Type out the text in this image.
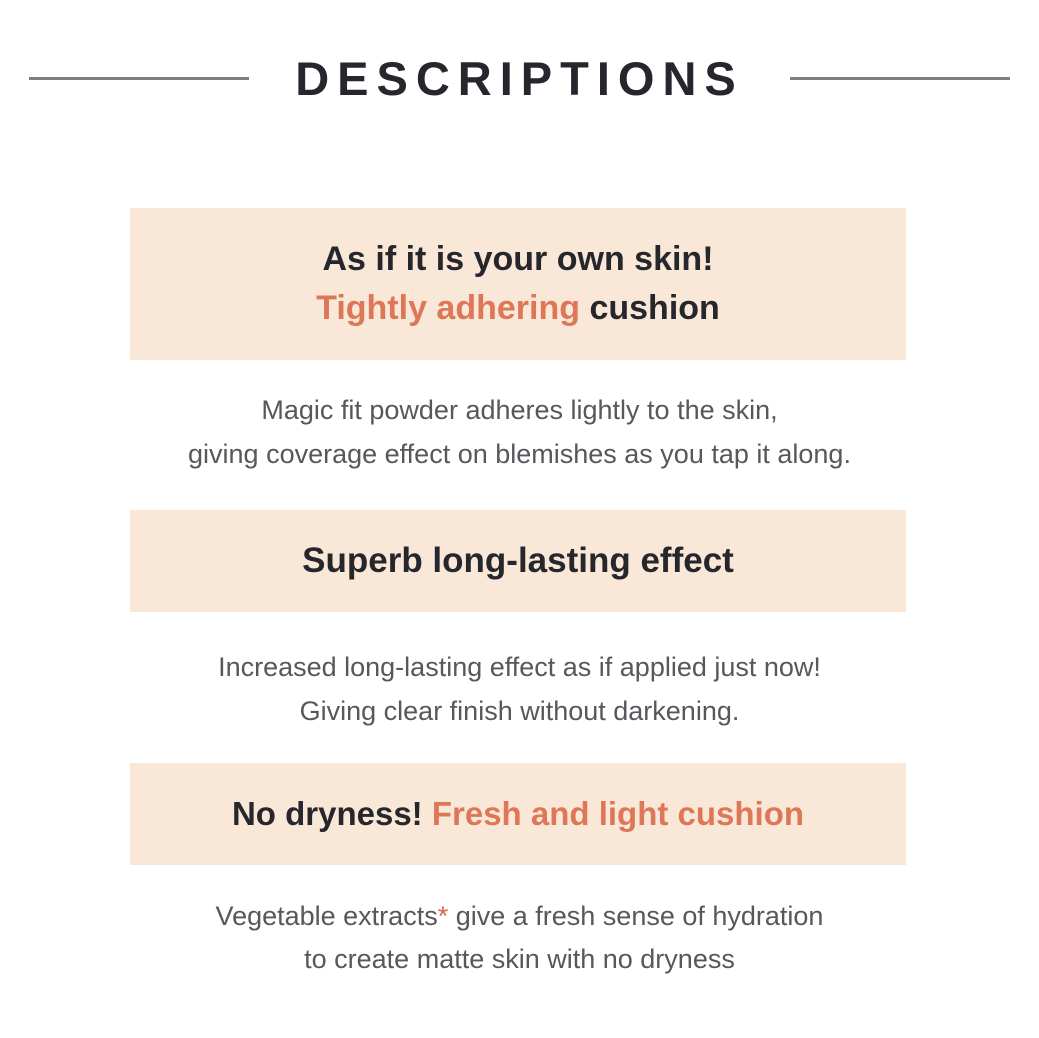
DESCRIPTIONS
As if it is your own skin!
Tightly adhering cushion
Magic fit powder adheres lightly to the skin,
giving coverage effect on blemishes as you tap it along.
Superb long-lasting effect
Increased long-lasting effect as if applied just now!
Giving clear finish without darkening.
No dryness! Fresh and light cushion
Vegetable extracts* give a fresh sense of hydration
to create matte skin with no dryness
